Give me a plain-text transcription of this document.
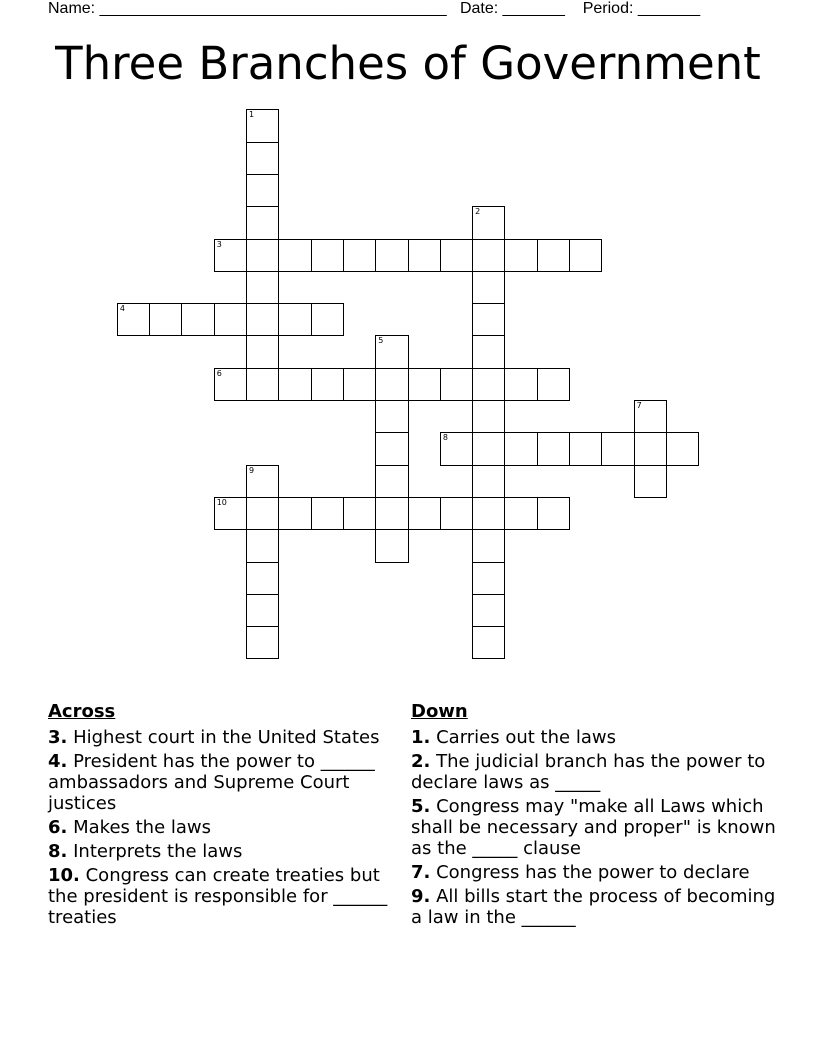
Name: _______________________________________ Date: _______ Period: _______
Three Branches of Government
3
4
6
8
10
1
2
5
7
9
Across
3. Highest court in the United States
4. President has the power to ______ ambassadors and Supreme Court justices
6. Makes the laws
8. Interprets the laws
10. Congress can create treaties but the president is responsible for ______ treaties
Down
1. Carries out the laws
2. The judicial branch has the power to declare laws as _____
5. Congress may "make all Laws which shall be necessary and proper" is known as the _____ clause
7. Congress has the power to declare
9. All bills start the process of becoming a law in the ______
